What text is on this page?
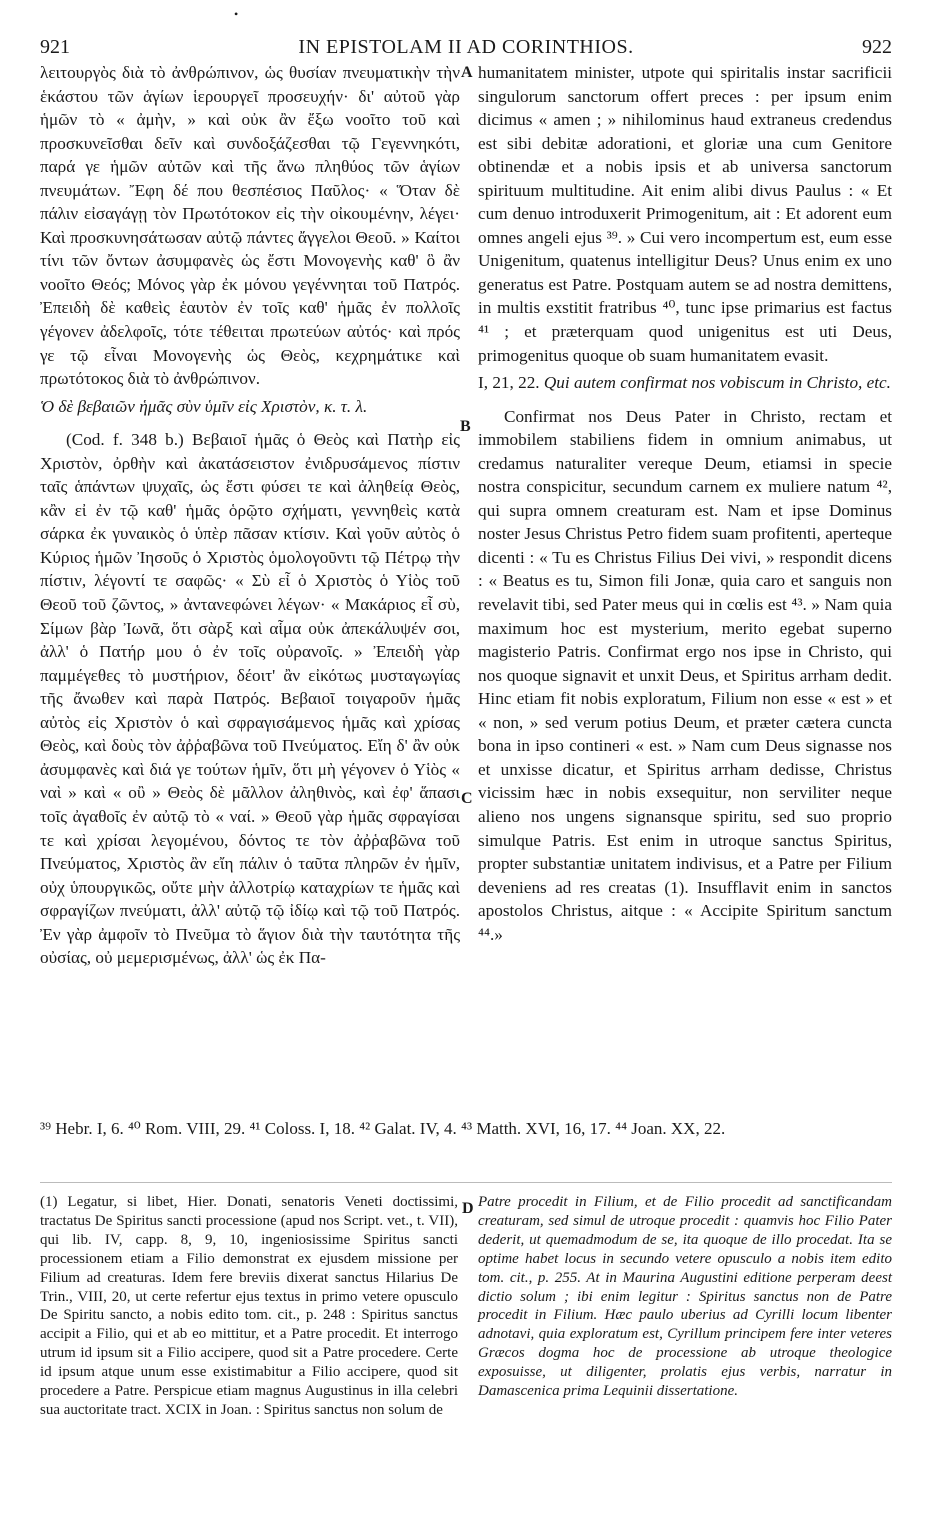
•
921	IN EPISTOLAM II AD CORINTHIOS.	922
A
B
C
D

λειτουργὸς διὰ τὸ ἀνθρώπινον, ὡς θυσίαν πνευματικὴν τὴν ἑκάστου τῶν ἁγίων ἱερουργεῖ προσευχήν· δι' αὐτοῦ γὰρ ἡμῶν τὸ « ἀμὴν, » καὶ οὐκ ἂν ἔξω νοοῖτο τοῦ καὶ προσκυνεῖσθαι δεῖν καὶ συνδοξάζεσθαι τῷ Γεγεννηκότι, παρά γε ἡμῶν αὐτῶν καὶ τῆς ἄνω πληθύος τῶν ἁγίων πνευμάτων. Ἔφη δέ που θεσπέσιος Παῦλος· « Ὅταν δὲ πάλιν εἰσαγάγῃ τὸν Πρωτότοκον εἰς τὴν οἰκουμένην, λέγει· Καὶ προσκυνησάτωσαν αὐτῷ πάντες ἄγγελοι Θεοῦ. » Καίτοι τίνι τῶν ὄντων ἀσυμφανὲς ὡς ἔστι Μονογενὴς καθ' ὃ ἂν νοοῖτο Θεός; Μόνος γὰρ ἐκ μόνου γεγέννηται τοῦ Πατρός. Ἐπειδὴ δὲ καθεὶς ἑαυτὸν ἐν τοῖς καθ' ἡμᾶς ἐν πολλοῖς γέγονεν ἀδελφοῖς, τότε τέθειται πρωτεύων αὐτός· καὶ πρός γε τῷ εἶναι Μονογενὴς ὡς Θεὸς, κεχρημάτικε καὶ πρωτότοκος διὰ τὸ ἀνθρώπινον.

Ὁ δὲ βεβαιῶν ἡμᾶς σὺν ὑμῖν εἰς Χριστὸν, κ. τ. λ.

(Cod. f. 348 b.) Βεβαιοῖ ἡμᾶς ὁ Θεὸς καὶ Πατὴρ εἰς Χριστὸν, ὀρθὴν καὶ ἀκατάσειστον ἐνιδρυσάμενος πίστιν ταῖς ἁπάντων ψυχαῖς, ὡς ἔστι φύσει τε καὶ ἀληθείᾳ Θεὸς, κἂν εἰ ἐν τῷ καθ' ἡμᾶς ὁρῷτο σχήματι, γεννηθεὶς κατὰ σάρκα ἐκ γυναικὸς ὁ ὑπὲρ πᾶσαν κτίσιν. Καὶ γοῦν αὐτὸς ὁ Κύριος ἡμῶν Ἰησοῦς ὁ Χριστὸς ὁμολογοῦντι τῷ Πέτρῳ τὴν πίστιν, λέγοντί τε σαφῶς· « Σὺ εἶ ὁ Χριστὸς ὁ Υἱὸς τοῦ Θεοῦ τοῦ ζῶντος, » ἀντανεφώνει λέγων· « Μακάριος εἶ σὺ, Σίμων βὰρ Ἰωνᾶ, ὅτι σὰρξ καὶ αἷμα οὐκ ἀπεκάλυψέν σοι, ἀλλ' ὁ Πατήρ μου ὁ ἐν τοῖς οὐρανοῖς. » Ἐπειδὴ γὰρ παμμέγεθες τὸ μυστήριον, δέοιτ' ἂν εἰκότως μυσταγωγίας τῆς ἄνωθεν καὶ παρὰ Πατρός. Βεβαιοῖ τοιγαροῦν ἡμᾶς αὐτὸς εἰς Χριστὸν ὁ καὶ σφραγισάμενος ἡμᾶς καὶ χρίσας Θεὸς, καὶ δοὺς τὸν ἀῤῥαβῶνα τοῦ Πνεύματος. Εἴη δ' ἂν οὐκ ἀσυμφανὲς καὶ διά γε τούτων ἡμῖν, ὅτι μὴ γέγονεν ὁ Υἱὸς « ναὶ » καὶ « οὒ » Θεὸς δὲ μᾶλλον ἀληθινὸς, καὶ ἐφ' ἅπασι τοῖς ἀγαθοῖς ἐν αὐτῷ τὸ « ναί. » Θεοῦ γὰρ ἡμᾶς σφραγίσαι τε καὶ χρίσαι λεγομένου, δόντος τε τὸν ἀῤῥαβῶνα τοῦ Πνεύματος, Χριστὸς ἂν εἴη πάλιν ὁ ταῦτα πληρῶν ἐν ἡμῖν, οὐχ ὑπουργικῶς, οὔτε μὴν ἀλλοτρίῳ καταχρίων τε ἡμᾶς καὶ σφραγίζων πνεύματι, ἀλλ' αὐτῷ τῷ ἰδίῳ καὶ τῷ τοῦ Πατρός. Ἐν γὰρ ἀμφοῖν τὸ Πνεῦμα τὸ ἅγιον διὰ τὴν ταυτότητα τῆς οὐσίας, οὐ μεμερισμένως, ἀλλ' ὡς ἐκ Πα-

humanitatem minister, utpote qui spiritalis instar sacrificii singulorum sanctorum offert preces : per ipsum enim dicimus « amen ; » nihilominus haud extraneus credendus est sibi debitæ adorationi, et gloriæ una cum Genitore obtinendæ et a nobis ipsis et ab universa sanctorum spirituum multitudine. Ait enim alibi divus Paulus : « Et cum denuo introduxerit Primogenitum, ait : Et adorent eum omnes angeli ejus ³⁹. » Cui vero incompertum est, eum esse Unigenitum, quatenus intelligitur Deus? Unus enim ex uno generatus est Patre. Postquam autem se ad nostra demittens, in multis exstitit fratribus ⁴⁰, tunc ipse primarius est factus ⁴¹ ; et præterquam quod unigenitus est uti Deus, primogenitus quoque ob suam humanitatem evasit.

I, 21, 22. Qui autem confirmat nos vobiscum in Christo, etc.

Confirmat nos Deus Pater in Christo, rectam et immobilem stabiliens fidem in omnium animabus, ut credamus naturaliter vereque Deum, etiamsi in specie nostra conspicitur, secundum carnem ex muliere natum ⁴², qui supra omnem creaturam est. Nam et ipse Dominus noster Jesus Christus Petro fidem suam profitenti, aperteque dicenti : « Tu es Christus Filius Dei vivi, » respondit dicens : « Beatus es tu, Simon fili Jonæ, quia caro et sanguis non revelavit tibi, sed Pater meus qui in cœlis est ⁴³. » Nam quia maximum hoc est mysterium, merito egebat superno magisterio Patris. Confirmat ergo nos ipse in Christo, qui nos quoque signavit et unxit Deus, et Spiritus arrham dedit. Hinc etiam fit nobis exploratum, Filium non esse « est » et « non, » sed verum potius Deum, et præter cætera cuncta bona in ipso contineri « est. » Nam cum Deus signasse nos et unxisse dicatur, et Spiritus arrham dedisse, Christus vicissim hæc in nobis exsequitur, non serviliter neque alieno nos ungens signansque spiritu, sed suo proprio simulque Patris. Est enim in utroque sanctus Spiritus, propter substantiæ unitatem indivisus, et a Patre per Filium deveniens ad res creatas (1). Insufflavit enim in sanctos apostolos Christus, aitque : « Accipite Spiritum sanctum ⁴⁴.»

³⁹ Hebr. I, 6. ⁴⁰ Rom. VIII, 29. ⁴¹ Coloss. I, 18. ⁴² Galat. IV, 4. ⁴³ Matth. XVI, 16, 17. ⁴⁴ Joan. XX, 22.

(1) Legatur, si libet, Hier. Donati, senatoris Veneti doctissimi, tractatus De Spiritus sancti processione (apud nos Script. vet., t. VII), qui lib. IV, capp. 8, 9, 10, ingeniosissime Spiritus sancti processionem etiam a Filio demonstrat ex ejusdem missione per Filium ad creaturas. Idem fere breviis dixerat sanctus Hilarius De Trin., VIII, 20, ut certe refertur ejus textus in primo vetere opusculo De Spiritu sancto, a nobis edito tom. cit., p. 248 : Spiritus sanctus accipit a Filio, qui et ab eo mittitur, et a Patre procedit. Et interrogo utrum id ipsum sit a Filio accipere, quod sit a Patre procedere. Certe id ipsum atque unum esse existimabitur a Filio accipere, quod sit procedere a Patre. Perspicue etiam magnus Augustinus in illa celebri sua auctoritate tract. XCIX in Joan. : Spiritus sanctus non solum de

Patre procedit in Filium, et de Filio procedit ad sanctificandam creaturam, sed simul de utroque procedit : quamvis hoc Filio Pater dederit, ut quemadmodum de se, ita quoque de illo procedat. Ita se optime habet locus in secundo vetere opusculo a nobis item edito tom. cit., p. 255. At in Maurina Augustini editione perperam deest dictio solum ; ibi enim legitur : Spiritus sanctus non de Patre procedit in Filium. Hæc paulo uberius ad Cyrilli locum libenter adnotavi, quia exploratum est, Cyrillum principem fere inter veteres Græcos dogma hoc de processione ab utroque theologice exposuisse, ut diligenter, prolatis ejus verbis, narratur in Damascenica prima Lequinii dissertatione.
